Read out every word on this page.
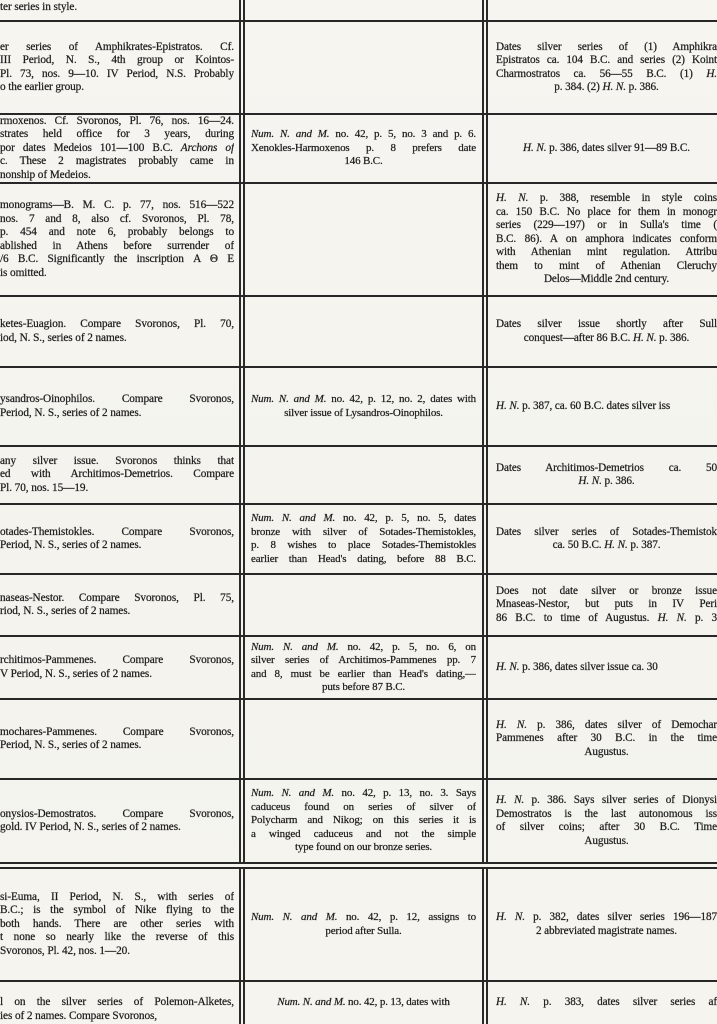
ter series in style.
er series of Amphikrates-Epistratos. Cf.
III Period, N. S., 4th group or Kointos-
Pl. 73, nos. 9—10. IV Period, N.S. Probably
o the earlier group.
Dates silver series of (1) Amphikra
Epistratos ca. 104 B.C. and series (2) Koint
Charmostratos ca. 56—55 B.C. (1) H.
p. 384. (2) H. N. p. 386.
rmoxenos. Cf. Svoronos, Pl. 76, nos. 16—24.
strates held office for 3 years, during
por dates Medeios 101—100 B.C. Archons of
c. These 2 magistrates probably came in
nonship of Medeios.
Num. N. and M. no. 42, p. 5, no. 3 and p. 6.
Xenokles-Harmoxenos p. 8 prefers date
146 B.C.
H. N. p. 386, dates silver 91—89 B.C.
monograms—B. M. C. p. 77, nos. 516—522
nos. 7 and 8, also cf. Svoronos, Pl. 78,
p. 454 and note 6, probably belongs to
ablished in Athens before surrender of
/6 B.C. Significantly the inscription Α Θ Ε
is omitted.
H. N. p. 388, resemble in style coins
ca. 150 B.C. No place for them in monogr
series (229—197) or in Sulla's time (
B.C. 86). A on amphora indicates conform
with Athenian mint regulation. Attribu
them to mint of Athenian Cleruchy
Delos—Middle 2nd century.
ketes-Euagion. Compare Svoronos, Pl. 70,
iod, N. S., series of 2 names.
Dates silver issue shortly after Sull
conquest—after 86 B.C. H. N. p. 386.
ysandros-Oinophilos. Compare Svoronos,
Period, N. S., series of 2 names.
Num. N. and M. no. 42, p. 12, no. 2, dates with
silver issue of Lysandros-Oinophilos.
H. N. p. 387, ca. 60 B.C. dates silver iss
any silver issue. Svoronos thinks that
ed with Architimos-Demetrios. Compare
Pl. 70, nos. 15—19.
Dates Architimos-Demetrios ca. 50
H. N. p. 386.
otades-Themistokles. Compare Svoronos,
Period, N. S., series of 2 names.
Num. N. and M. no. 42, p. 5, no. 5, dates
bronze with silver of Sotades-Themistokles,
p. 8 wishes to place Sotades-Themistokles
earlier than Head's dating, before 88 B.C.
Dates silver series of Sotades-Themistok
ca. 50 B.C. H. N. p. 387.
naseas-Nestor. Compare Svoronos, Pl. 75,
riod, N. S., series of 2 names.
Does not date silver or bronze issue
Mnaseas-Nestor, but puts in IV Peri
86 B.C. to time of Augustus. H. N. p. 3
rchitimos-Pammenes. Compare Svoronos,
V Period, N. S., series of 2 names.
Num. N. and M. no. 42, p. 5, no. 6, on
silver series of Architimos-Pammenes pp. 7
and 8, must be earlier than Head's dating,—
puts before 87 B.C.
H. N. p. 386, dates silver issue ca. 30
mochares-Pammenes. Compare Svoronos,
Period, N. S., series of 2 names.
H. N. p. 386, dates silver of Demochar
Pammenes after 30 B.C. in the time
Augustus.
onysios-Demostratos. Compare Svoronos,
gold. IV Period, N. S., series of 2 names.
Num. N. and M. no. 42, p. 13, no. 3. Says
caduceus found on series of silver of
Polycharm and Nikog; on this series it is
a winged caduceus and not the simple
type found on our bronze series.
H. N. p. 386. Says silver series of Dionysi
Demostratos is the last autonomous iss
of silver coins; after 30 B.C. Time
Augustus.
si-Euma, II Period, N. S., with series of
B.C.; is the symbol of Nike flying to the
both hands. There are other series with
t none so nearly like the reverse of this
Svoronos, Pl. 42, nos. 1—20.
Num. N. and M. no. 42, p. 12, assigns to
period after Sulla.
H. N. p. 382, dates silver series 196—187
2 abbreviated magistrate names.
l on the silver series of Polemon-Alketes,
ies of 2 names. Compare Svoronos,
Num. N. and M. no. 42, p. 13, dates with	H. N. p. 383, dates silver series af
